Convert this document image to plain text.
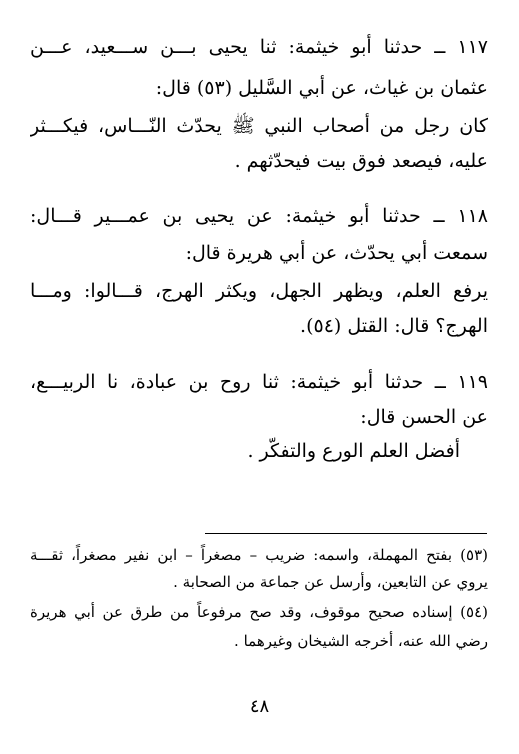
١١٧ ــ حدثنا أبو خيثمة: ثنا يحيى بـــن ســـعيد، عـــن
عثمان بن غياث، عن أبي السَّليل (٥٣) قال:
كان رجل من أصحاب النبي ﷺ يحدّث النّـــاس، فيكـــثر
عليه، فيصعد فوق بيت فيحدّثهم .
١١٨ ــ حدثنا أبو خيثمة: عن يحيى بن عمـــير قـــال:
سمعت أبي يحدّث، عن أبي هريرة قال:
يرفع العلم، ويظهر الجهل، ويكثر الهرج، قـــالوا: ومـــا
الهرج؟ قال: القتل (٥٤).
١١٩ ــ حدثنا أبو خيثمة: ثنا روح بن عبادة، نا الربيـــع،
عن الحسن قال:
أفضل العلم الورع والتفكّر .
(٥٣) بفتح المهملة، واسمه: ضريب – مصغراً – ابن نفير مصغراً، ثقـــة
يروي عن التابعين، وأرسل عن جماعة من الصحابة .
(٥٤) إسناده صحيح موقوف، وقد صح مرفوعاً من طرق عن أبي هريرة
رضي الله عنه، أخرجه الشيخان وغيرهما .
٤٨
